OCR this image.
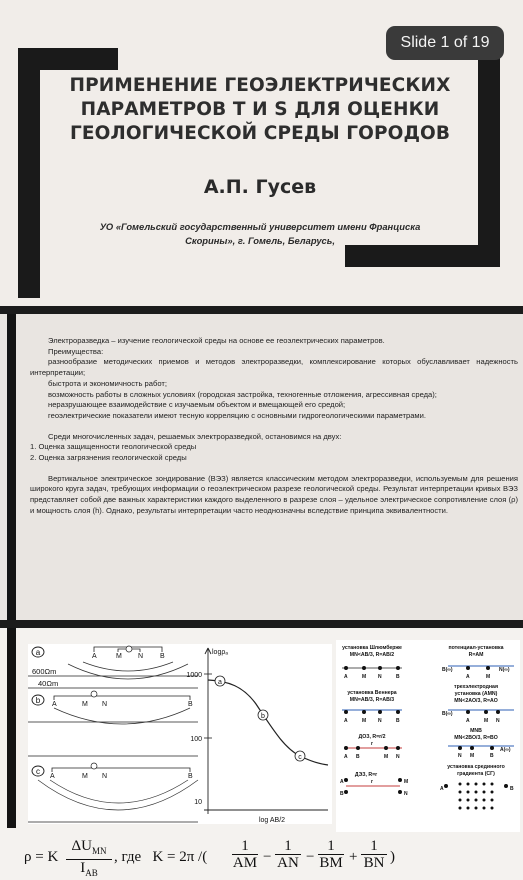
Slide 1 of 19
ПРИМЕНЕНИЕ ГЕОЭЛЕКТРИЧЕСКИХ
ПАРАМЕТРОВ Т И S ДЛЯ ОЦЕНКИ
ГЕОЛОГИЧЕСКОЙ СРЕДЫ ГОРОДОВ
А.П. Гусев
УО «Гомельский государственный университет имени Франциска
Скорины», г. Гомель, Беларусь,

Электроразведка – изучение геологической среды на основе ее геоэлектрических параметров.

Преимущества:

разнообразие методических приемов и методов электроразведки, комплексирование которых обуславливает надежность интерпретации;

быстрота и экономичность работ;

возможность работы в сложных условиях (городская застройка, техногенные отложения, агрессивная среда);

неразрушающее взаимодействие с изучаемым объектом и вмещающей его средой;

геоэлектрические показатели имеют тесную корреляцию с основными гидрогеологическими параметрами.

Среди многочисленных задач, решаемых электроразведкой, остановимся на двух:

1. Оценка защищенности геологической среды

2. Оценка загрязнения геологической среды

Вертикальное электрическое зондирование (ВЭЗ) является классическим методом электроразведки, используемым для решения широкого круга задач, требующих информации о геоэлектрическом разрезе геологической среды. Результат интерпретации кривых ВЭЗ представляет собой две важных характеристики каждого выделенного в разрезе слоя – удельное электрическое сопротивление слоя (ρ) и мощность слоя (h). Однако, результаты интерпретации часто неоднозначны вследствие принципа эквивалентности.

a	A	M N B
600Ωm
40Ωm
b A	M N	B
c
A	M N	B
logρₐ
1000
100
10
a
b
c
log AB/2
установка Шлюмберже
MN<AB/3, R=AB/2
потенциал-установка
R=AM
A	M N	B
B(∞)	N(∞)
A	M
установка Веннера
MN=AB/3, R=AB/3
A	M N	B
трехэлектродная
установка (AMN)
MN<2AO/3, R=AO
B(∞)
A	M N
MNB
MN<2BO/3, R=BO
A(∞)
N M	B
ДОЗ, R=r/2
r
A B	M N
ДЭЗ, R=r
r
A
B
M
N
установка срединного
градиента (СГ)
A	B
ρ = K
$\Delta U_{MN}$
$I_{AB}$
, где   K = 2π /( $\frac{1}{AM} - \frac{1}{AN} - \frac{1}{BM} + \frac{1}{BN}$ )
